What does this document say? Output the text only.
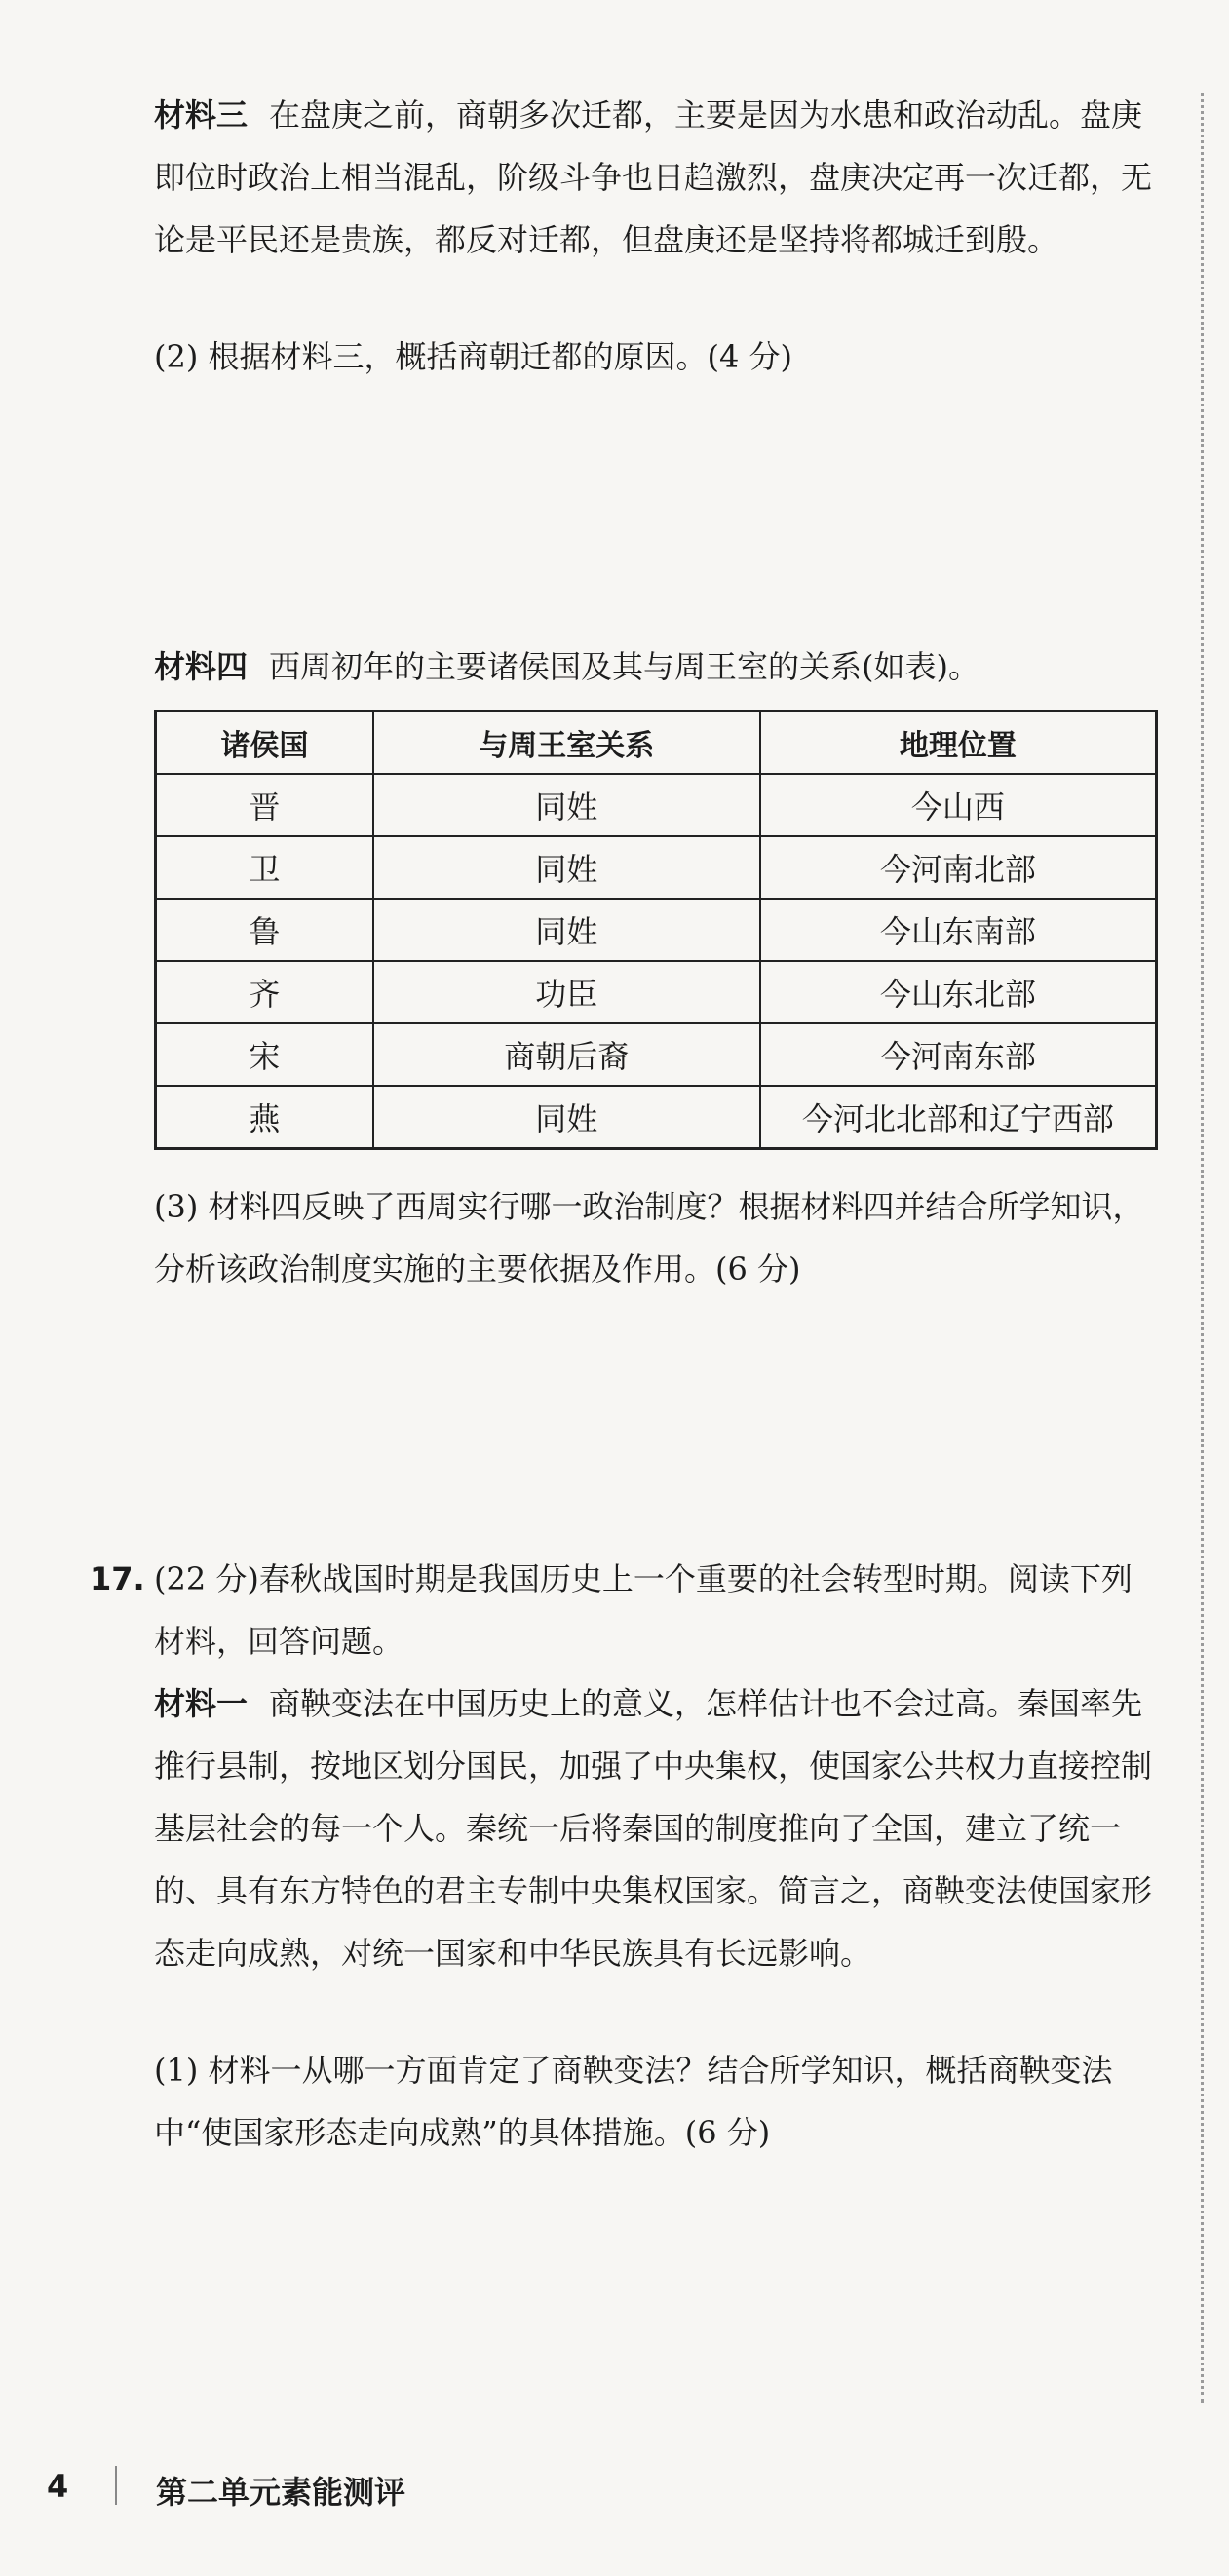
材料三 在盘庚之前，商朝多次迁都，主要是因为水患和政治动乱。盘庚即位时政治上相当混乱，阶级斗争也日趋激烈，盘庚决定再一次迁都，无论是平民还是贵族，都反对迁都，但盘庚还是坚持将都城迁到殷。

(2) 根据材料三，概括商朝迁都的原因。(4 分)

材料四 西周初年的主要诸侯国及其与周王室的关系(如表)。

诸侯国	与周王室关系	地理位置
晋	同姓	今山西
卫	同姓	今河南北部
鲁	同姓	今山东南部
齐	功臣	今山东北部
宋	商朝后裔	今河南东部
燕	同姓	今河北北部和辽宁西部

(3) 材料四反映了西周实行哪一政治制度？根据材料四并结合所学知识，分析该政治制度实施的主要依据及作用。(6 分)

17. (22 分)春秋战国时期是我国历史上一个重要的社会转型时期。阅读下列材料，回答问题。

材料一 商鞅变法在中国历史上的意义，怎样估计也不会过高。秦国率先推行县制，按地区划分国民，加强了中央集权，使国家公共权力直接控制基层社会的每一个人。秦统一后将秦国的制度推向了全国，建立了统一的、具有东方特色的君主专制中央集权国家。简言之，商鞅变法使国家形态走向成熟，对统一国家和中华民族具有长远影响。

(1) 材料一从哪一方面肯定了商鞅变法？结合所学知识，概括商鞅变法中“使国家形态走向成熟”的具体措施。(6 分)

4	第二单元素能测评
